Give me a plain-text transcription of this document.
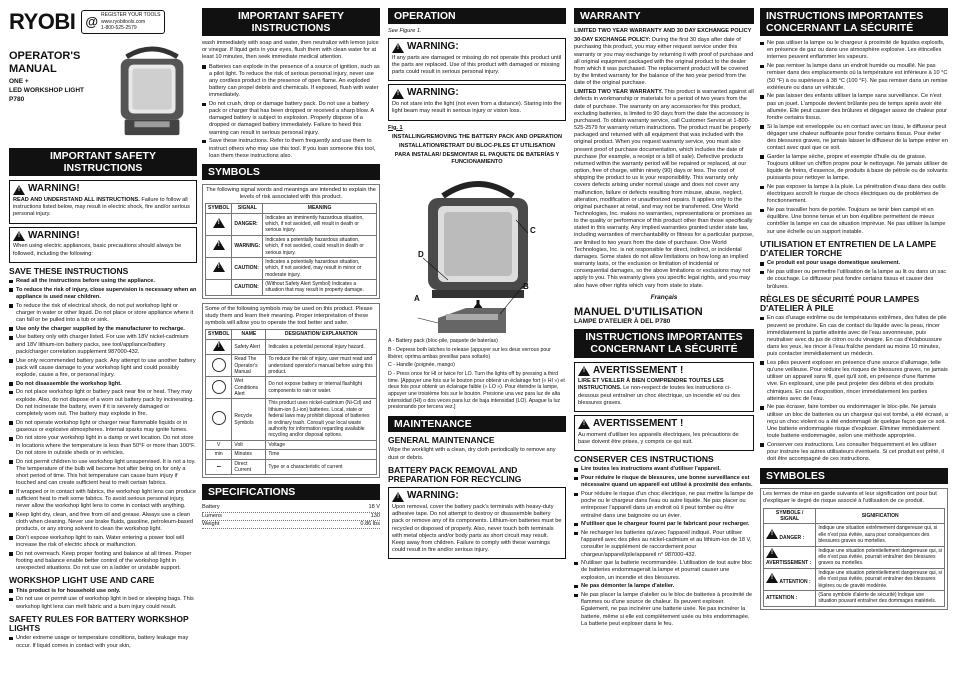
RYOBI @ REGISTER YOUR TOOLS
www.ryobitools.com
1-800-525-2579
OPERATOR'S
MANUAL
ONE +
LED WORKSHOP LIGHT
P780
IMPORTANT SAFETY INSTRUCTIONS
!
WARNING!

READ AND UNDERSTAND ALL INSTRUCTIONS. Failure to follow all instructions listed below, may result in electric shock, fire and/or serious personal injury.

!
WARNING!

When using electric appliances, basic precautions should always be followed, including the following:

SAVE THESE INSTRUCTIONS
Read all the instructions before using the appliance.
To reduce the risk of injury, close supervision is necessary when an appliance is used near children.
To reduce the risk of electrical shock, do not put workshop light or charger in water or other liquid. Do not place or store appliance where it can fall or be pulled into a tub or sink.
Use only the charger supplied by the manufacturer to recharge.
Use battery only with charger listed. For use with 18V nickel-cadmium and 18V lithium-ion battery packs, see tool/appliance/battery pack/charger correlation supplement 987000-432.
Use only recommended battery pack. Any attempt to use another battery pack will cause damage to your workshop light and could possibly explode, cause a fire, or personal injury.
Do not disassemble the workshop light.
Do not place workshop light or battery pack near fire or heat. They may explode. Also, do not dispose of a worn out battery pack by incinerating. Do not incinerate the battery, even if it is severely damaged or completely worn out. The battery may explode in fire.
Do not operate workshop light or charger near flammable liquids or in gaseous or explosive atmospheres. Internal sparks may ignite fumes.
Do not store your workshop light in a damp or wet location. Do not store in locations where the temperature is less than 50°F or more than 100°F. Do not store in outside sheds or in vehicles.
Do not permit children to use workshop light unsupervised. It is not a toy. The temperature of the bulb will become hot after being on for only a short period of time. This hot temperature can cause burn injury if touched and can create sufficient heat to melt certain fabrics.
If wrapped or in contact with fabrics, the workshop light lens can produce sufficient heat to melt some fabrics. To avoid serious personal injury, never allow the workshop light lens to come in contact with anything.
Keep light dry, clean, and free from oil and grease. Always use a clean cloth when cleaning. Never use brake fluids, gasoline, petroleum-based products, or any strong solvent to clean the workshop light.
Don't expose workshop light to rain. Water entering a power tool will increase the risk of electric shock or malfunction.
Do not overreach. Keep proper footing and balance at all times. Proper footing and balance enable better control of the workshop light in unexpected situations. Do not use on a ladder or unstable support.
WORKSHOP LIGHT USE AND CARE
This product is for household use only.
Do not use or permit use of workshop light in bed or sleeping bags. This workshop light lens can melt fabric and a burn injury could result.
SAFETY RULES FOR BATTERY WORKSHOP LIGHTS
Under extreme usage or temperature conditions, battery leakage may occur. If liquid comes in contact with your skin,
IMPORTANT SAFETY INSTRUCTIONS

wash immediately with soap and water, then neutralize with lemon juice or vinegar. If liquid gets in your eyes, flush them with clean water for at least 10 minutes, then seek immediate medical attention.

Batteries can explode in the presence of a source of ignition, such as a pilot light. To reduce the risk of serious personal injury, never use any cordless product in the presence of open flame. An exploded battery can propel debris and chemicals. If exposed, flush with water immediately.
Do not crush, drop or damage battery pack. Do not use a battery pack or charger that has been dropped or received a sharp blow. A damaged battery is subject to explosion. Properly dispose of a dropped or damaged battery immediately. Failure to heed this warning can result in serious personal injury.
Save these instructions. Refer to them frequently and use them to instruct others who may use this tool. If you loan someone this tool, loan them these instructions also.
SYMBOLS

The following signal words and meanings are intended to explain the levels of risk associated with this product.

SYMBOL	SIGNAL	MEANING
!	DANGER:	Indicates an imminently hazardous situation, which, if not avoided, will result in death or serious injury.
!	WARNING:	Indicates a potentially hazardous situation, which, if not avoided, could result in death or serious injury.
!	CAUTION:	Indicates a potentially hazardous situation, which, if not avoided, may result in minor or moderate injury.
	CAUTION:	(Without Safety Alert Symbol) Indicates a situation that may result in property damage.

Some of the following symbols may be used on this product. Please study them and learn their meaning. Proper interpretation of these symbols will allow you to operate the tool better and safer.

SYMBOL	NAME	DESIGNATION/ EXPLANATION
!	Safety Alert	Indicates a potential personal injury hazard.
	Read The Operator's Manual	To reduce the risk of injury, user must read and understand operator's manual before using this product.
	Wet Conditions Alert	Do not expose battery or internal flashlight components to rain or water.
	Recycle Symbols	This product uses nickel-cadmium (Ni-Cd) and lithium-ion (Li-ion) batteries. Local, state or federal laws may prohibit disposal of batteries in ordinary trash. Consult your local waste authority for information regarding available recycling and/or disposal options.
V	Volt	Voltage
min	Minutes	Time
⎓	Direct Current	Type or a characteristic of current
SPECIFICATIONS
Battery	18 V
Lumens	130
Weight	0.86 lbs
OPERATION

See Figure 1.

!
WARNING:

If any parts are damaged or missing do not operate this product until the parts are replaced. Use of this product with damaged or missing parts could result in serious personal injury.

!
WARNING:

Do not stare into the light (not even from a distance). Staring into the light beam may result in serious injury or vision loss.

Fig. 1

INSTALLING/REMOVING THE BATTERY PACK AND OPERATION

INSTALLATION/RETRAIT DU BLOC-PILES ET UTILISATION

PARA INSTALAR/ DESMONTAR EL PAQUETE DE BATERÍAS Y FUNCIONAMIENTO

A
B
C
D

A - Battery pack (bloc-pile, paquete de baterías)

B - Depress both latches to release (appuyer sur les deux verrous pour libérer, oprima ambas presillas para soltarlo)

C - Handle (poignée, mango)

D - Press once for HI or twice for LO. Turn the lights off by pressing a third time. [Appuyer une fois sur le bouton pour obtenir un éclairage fort (« HI ») et deux fois pour obtenir un éclairage faible (« LO »). Pour éteindre la lampe, appuyer une troisième fois sur le bouton. Presione una vez para luz de alta intensidad (HI) o dos veces para luz de baja intensidad (LO). Apague la luz presionando por tercera vez.]

MAINTENANCE
GENERAL MAINTENANCE

Wipe the worklight with a clean, dry cloth periodically to remove any dust or debris.

BATTERY PACK REMOVAL AND PREPARATION FOR RECYCLING
!
WARNING:

Upon removal, cover the battery pack's terminals with heavy-duty adhesive tape. Do not attempt to destroy or disassemble battery pack or remove any of its components. Lithium-ion batteries must be recycled or disposed of properly. Also, never touch both terminals with metal objects and/or body parts as short circuit may result. Keep away from children. Failure to comply with these warnings could result in fire and/or serious injury.

WARRANTY

LIMITED TWO YEAR WARRANTY AND 30 DAY EXCHANGE POLICY

30-DAY EXCHANGE POLICY: During the first 30 days after date of purchasing this product, you may either request service under this warranty or you may exchange by returning it with proof of purchase and all original equipment packaged with the original product to the dealer from which it was purchased. The replacement product will be covered by the limited warranty for the balance of the two year period from the date of the original purchase.

LIMITED TWO YEAR WARRANTY. This product is warranted against all defects in workmanship or materials for a period of two years from the date of purchase. The warranty on any accessories for this product, excluding batteries, is limited to 90 days from the date the accessory is purchased. To obtain warranty service, call Customer Service at 1-800-525-2579 for warranty return instructions. The product must be properly packaged and returned with all equipment that was included with the original product. When you request warranty service, you must also present proof of purchase documentation, which includes the date of purchase (for example, a receipt or a bill of sale). Defective products returned within the warranty period will be repaired or replaced, at our option, free of charge, within ninety (90) days or less. The cost of shipping the product to us is your responsibility. This warranty only covers defects arising under normal usage and does not cover any malfunction, failure or defects resulting from misuse, abuse, neglect, alteration, modification or unauthorized repairs. It applies only to the original purchaser at retail, and may not be transferred. One World Technologies, Inc. makes no warranties, representations or promises as to the quality or performance of this product other than those specifically stated in this warranty. Any implied warranties granted under state law, including warranties of merchantability or fitness for a particular purpose, are limited to two years from the date of purchase. One World Technologies, Inc. is not responsible for direct, indirect, or incidental damages. Some states do not allow limitations on how long an implied warranty lasts, or the exclusion or limitation of incidental or consequential damages, so the above limitations or exclusions may not apply to you. This warranty gives you specific legal rights, and you may also have other rights which vary from state to state.

Français

MANUEL D'UTILISATION
LAMPE D'ATELIER À DEL P780
INSTRUCTIONS IMPORTANTES CONCERNANT LA SÉCURITÉ
!
AVERTISSEMENT !

LIRE ET VEILLER À BIEN COMPRENDRE TOUTES LES INSTRUCTIONS. Le non-respect de toutes les instructions ci-dessous peut entraîner un choc électrique, un incendie et/ ou des blessures graves.

!
AVERTISSEMENT !

Au moment d'utiliser les appareils électriques, les précautions de base doivent être prises, y compris ce qui suit.

CONSERVER CES INSTRUCTIONS
Lire toutes les instructions avant d'utiliser l'appareil.
Pour réduire le risque de blessures, une bonne surveillance est nécessaire quand un appareil est utilisé à proximité des enfants.
Pour réduire le risque d'un choc électrique, ne pas mettre la lampe de poche ou le chargeur dans l'eau ou autre liquide. Ne pas placer ou entreposer l'appareil dans un endroit où il peut tomber ou être entraîné dans une baignoire ou un évier.
N'utiliser que le chargeur fourni par le fabricant pour recharger.
Ne recharger les batteries qu'avec l'appareil indiqué. Pour utiliser l'appareil avec des piles au nickel-cadmium et au lithium-ion de 18 V, consulter le supplément de raccordement pour chargeur/appareil/pile/appareil n° 987000-432.
N'utiliser que la batterie recommandée. L'utilisation de tout autre bloc de batteries endommagerait la lampe et pourrait causer une explosion, un incendie et des blessures.
Ne pas démonter la lampe d'atelier.
Ne pas placer la lampe d'atelier ou le bloc de batteries à proximité de flammes ou d'une source de chaleur. Ils peuvent exploser. Également, ne pas incinérer une batterie usée. Ne pas incinérer la batterie, même si elle est complètement usée ou très endommagée. La batterie peut exploser dans le feu.
INSTRUCTIONS IMPORTANTES CONCERNANT LA SÉCURITÉ
Ne pas utiliser la lampe ou le chargeur à proximité de liquides explosifs, en présence de gaz ou dans une atmosphère explosive. Les étincelles internes peuvent enflammer les vapeurs.
Ne pas remiser la lampe dans un endroit humide ou mouillé. Ne pas remiser dans des emplacements où la température est inférieure à 10 °C (50 °F) à ou supérieure à 38 °C (100 °F). Ne pas remiser dans un remise extérieure ou dans un véhicule.
Ne pas laisser des enfants utiliser la lampe sans surveillance. Ce n'est pas un jouet. L'ampoule devient brûlante peu de temps après avoir été allumée. Elle peut causer des brûlures et dégager assez de chaleur pour fondre certains tissus.
Si la lampe est enveloppée ou en contact avec un tissu, le diffuseur peut dégager une chaleur suffisante pour fondre certains tissus. Pour éviter des blessures graves, ne jamais laisser le diffuseur de la lampe entrer en contact avec quoi que ce soit.
Garder la lampe sèche, propre et exempte d'huile ou de graisse. Toujours utiliser un chiffon propre pour le nettoyage. Ne jamais utiliser de liquide de freins, d'essence, de produits à base de pétrole ou de solvants puissants pour nettoyer la lampe.
Ne pas exposer la lampe à la pluie. La pénétration d'eau dans des outils électriques accroît le risque de chocs électriques ou de problèmes de fonctionnement.
Ne pas travailler hors de portée. Toujours se tenir bien campé et en équilibre. Une bonne tenue et un bon équilibre permettent de mieux contrôler la lampe en cas de situation imprévue. Ne pas utiliser la lampe sur une échelle ou un support instable.
UTILISATION ET ENTRETIEN DE LA LAMPE D'ATELIER TORCHE
Ce produit est pour usage domestique seulement.
Ne pas utiliser ou permettre l'utilisation de la lampe au lit ou dans un sac de couchage. Le diffuseur peut fondre certains tissus et causer des brûlures.
RÈGLES DE SÉCURITÉ POUR LAMPES D'ATELIER À PILE
En cas d'usage extrême ou de températures extrêmes, des fuites de pile peuvent se produire. En cas de contact du liquide avec la peau, rincer immédiatement la partie atteinte avec de l'eau savonneuse, puis neutraliser avec du jus de citron ou du vinaigre. En cas d'éclaboussure dans les yeux, les rincer à l'eau fraîche pendant au moins 10 minutes, puis contacter immédiatement un médecin.
Les piles peuvent exploser en présence d'une source d'allumage, telle qu'une veilleuse. Pour réduire les risques de blessures graves, ne jamais utiliser un appareil sans fil, quel qu'il soit, en présence d'une flamme vive. En explosant, une pile peut projeter des débris et des produits chimiques. En cas d'exposition, rincer immédiatement les parties atteintes avec de l'eau.
Ne pas écraser, faire tomber ou endommager le bloc-pile. Ne jamais utiliser un bloc de batteries ou un chargeur qui est tombé, a été écrasé, a reçu un choc violent ou a été endommagé de quelque façon que ce soit. Une batterie endommagée risque d'exploser. Éliminer immédiatement toute batterie endommagée, selon une méthode appropriée.
Conserver ces instructions. Les consulter fréquemment et les utiliser pour instruire les autres utilisateurs éventuels. Si cet produit est prêté, il doit être accompagné de ces instructions.
SYMBOLES

Les termes de mise en garde suivants et leur signification ont pour but d'expliquer le degré de risque associé à l'utilisation de ce produit.

SYMBOLE / SIGNAL	SIGNIFICATION
! DANGER :	Indique une situation extrêmement dangereuse qui, si elle n'est pas évitée, aura pour conséquences des blessures graves ou mortelles.
! AVERTISSEMENT :	Indique une situation potentiellement dangereuse qui, si elle n'est pas évitée, pourrait entraîner des blessures graves ou mortelles.
! ATTENTION :	Indique une situation potentiellement dangereuse qui, si elle n'est pas évitée, pourrait entraîner des blessures légères ou de gravité modérée.
ATTENTION :	(Sans symbole d'alerte de sécurité) Indique une situation pouvant entraîner des dommages matériels.
